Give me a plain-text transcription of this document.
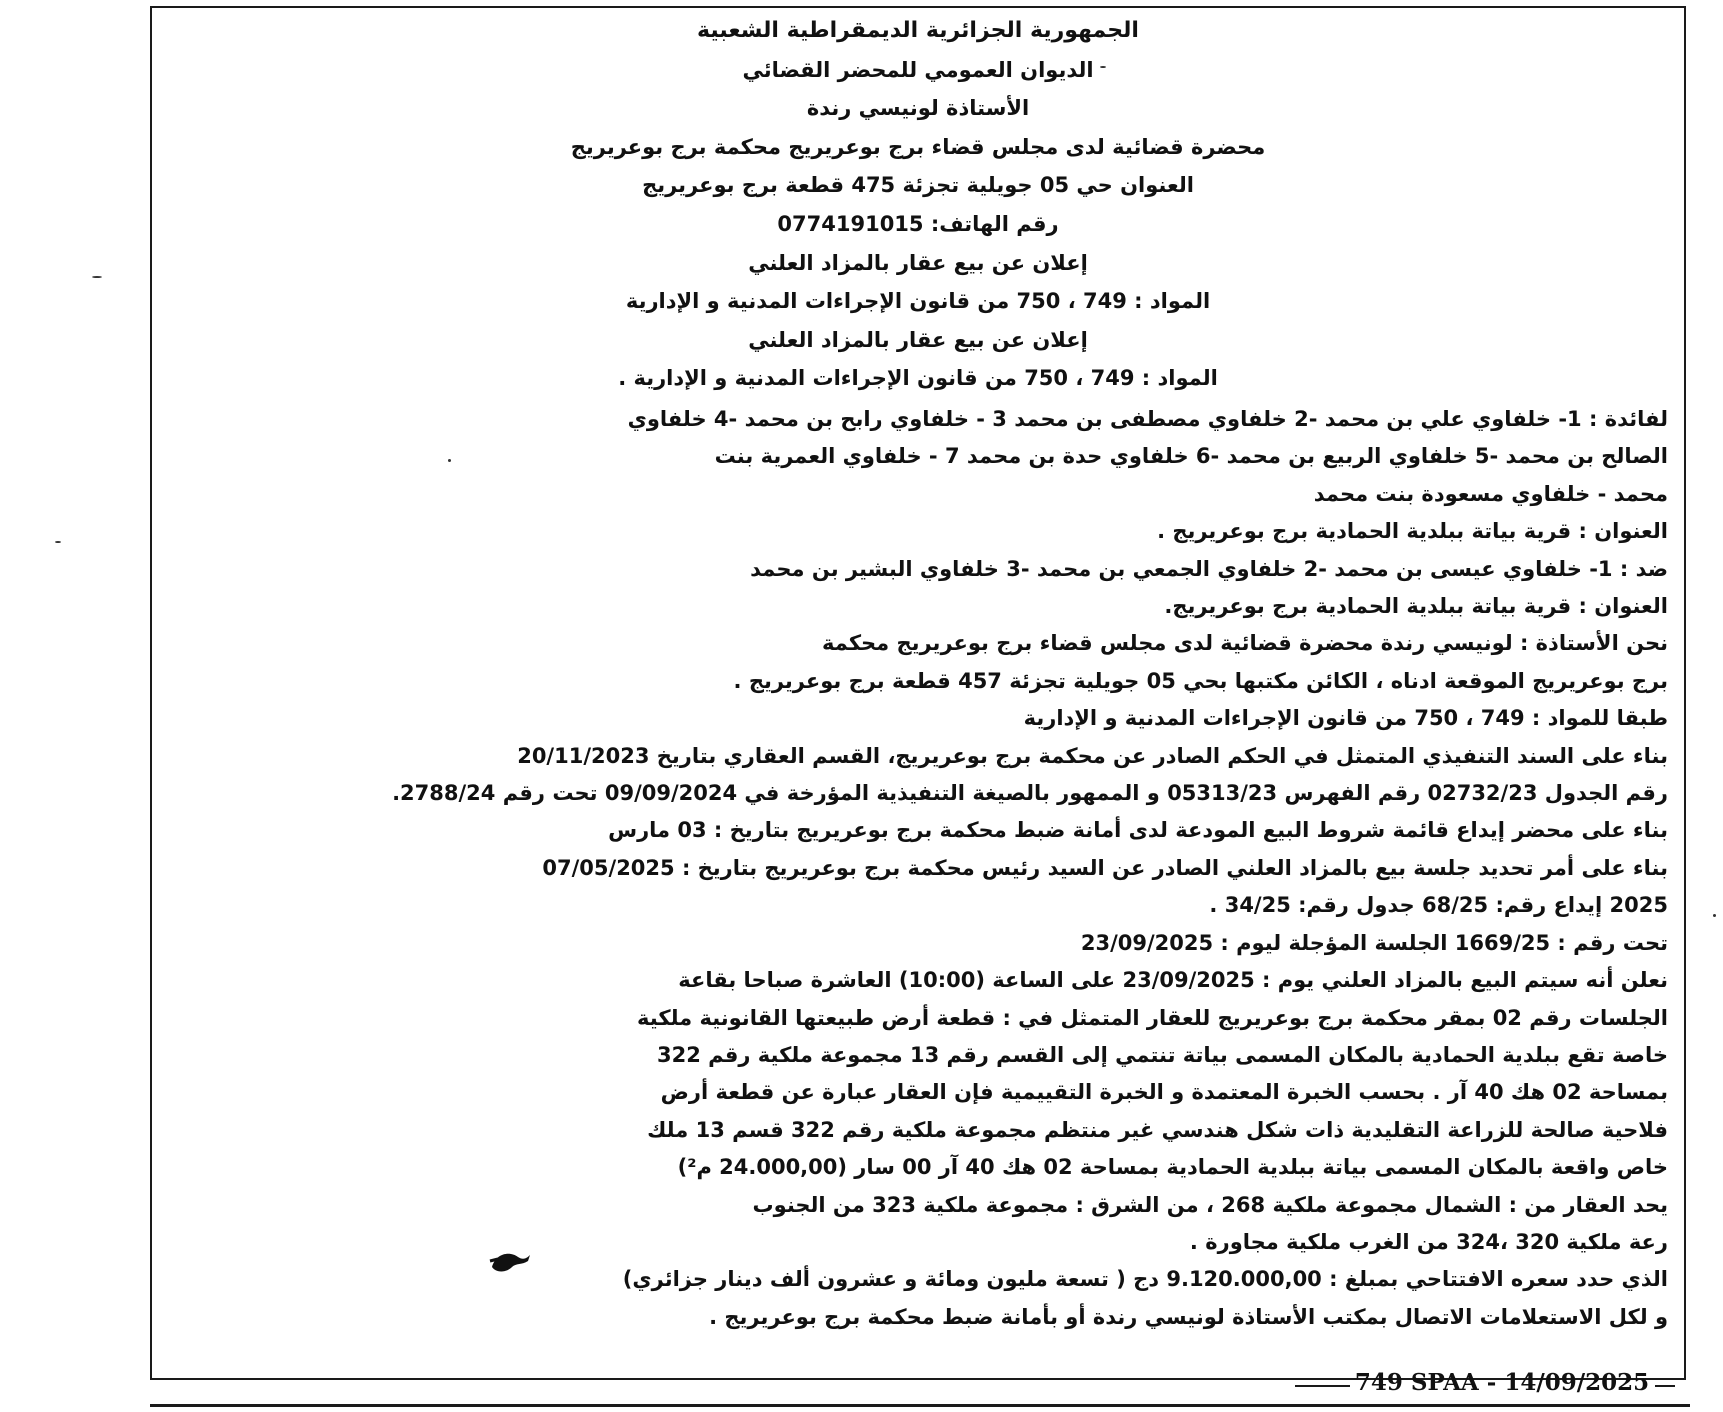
الجمهورية الجزائرية الديمقراطية الشعبية

الديوان العمومي للمحضر القضائي

الأستاذة لونيسي رندة

محضرة قضائية لدى مجلس قضاء برج بوعريريج محكمة برج بوعريريج

العنوان حي 05 جويلية تجزئة 475 قطعة برج بوعريريج

رقم الهاتف: 0774191015

إعلان عن بيع عقار بالمزاد العلني

المواد : 749 ، 750 من قانون الإجراءات المدنية و الإدارية

إعلان عن بيع عقار بالمزاد العلني

المواد : 749 ، 750 من قانون الإجراءات المدنية و الإدارية .

لفائدة : 1- خلفاوي علي بن محمد -2 خلفاوي مصطفى بن محمد 3 - خلفاوي رابح بن محمد -4 خلفاوي

الصالح بن محمد -5 خلفاوي الربيع بن محمد -6 خلفاوي حدة بن محمد 7 - خلفاوي العمرية بنت

محمد - خلفاوي مسعودة بنت محمد

العنوان : قرية بياتة ببلدية الحمادية برج بوعريريج .

ضد : 1- خلفاوي عيسى بن محمد -2 خلفاوي الجمعي بن محمد -3 خلفاوي البشير بن محمد

العنوان : قرية بياتة ببلدية الحمادية برج بوعريريج.

نحن الأستاذة : لونيسي رندة محضرة قضائية لدى مجلس قضاء برج بوعريريج محكمة

برج بوعريريج الموقعة ادناه ، الكائن مكتبها بحي 05 جويلية تجزئة 457 قطعة برج بوعريريج .

طبقا للمواد : 749 ، 750 من قانون الإجراءات المدنية و الإدارية

بناء على السند التنفيذي المتمثل في الحكم الصادر عن محكمة برج بوعريريج، القسم العقاري بتاريخ 20/11/2023

رقم الجدول 02732/23 رقم الفهرس 05313/23 و الممهور بالصيغة التنفيذية المؤرخة في 09/09/2024 تحت رقم 2788/24.

بناء على محضر إيداع قائمة شروط البيع المودعة لدى أمانة ضبط محكمة برج بوعريريج بتاريخ : 03 مارس

بناء على أمر تحديد جلسة بيع بالمزاد العلني الصادر عن السيد رئيس محكمة برج بوعريريج بتاريخ : 07/05/2025

2025 إيداع رقم: 68/25 جدول رقم: 34/25 .

تحت رقم : 1669/25 الجلسة المؤجلة ليوم : 23/09/2025

نعلن أنه سيتم البيع بالمزاد العلني يوم : 23/09/2025 على الساعة (10:00) العاشرة صباحا بقاعة

الجلسات رقم 02 بمقر محكمة برج بوعريريج للعقار المتمثل في : قطعة أرض طبيعتها القانونية ملكية

خاصة تقع ببلدية الحمادية بالمكان المسمى بياتة تنتمي إلى القسم رقم 13 مجموعة ملكية رقم 322

بمساحة 02 هك 40 آر . بحسب الخبرة المعتمدة و الخبرة التقييمية فإن العقار عبارة عن قطعة أرض

فلاحية صالحة للزراعة التقليدية ذات شكل هندسي غير منتظم مجموعة ملكية رقم 322 قسم 13 ملك

خاص واقعة بالمكان المسمى بياتة ببلدية الحمادية بمساحة 02 هك 40 آر 00 سار (24.000,00 م²)

يحد العقار من : الشمال مجموعة ملكية 268 ، من الشرق : مجموعة ملكية 323 من الجنوب

رعة ملكية 320 ،324 من الغرب ملكية مجاورة .

الذي حدد سعره الافتتاحي بمبلغ : 9.120.000,00 دج ( تسعة مليون ومائة و عشرون ألف دينار جزائري)

و لكل الاستعلامات الاتصال بمكتب الأستاذة لونيسي رندة أو بأمانة ضبط محكمة برج بوعريريج .

749 SPAA - 14/09/2025
